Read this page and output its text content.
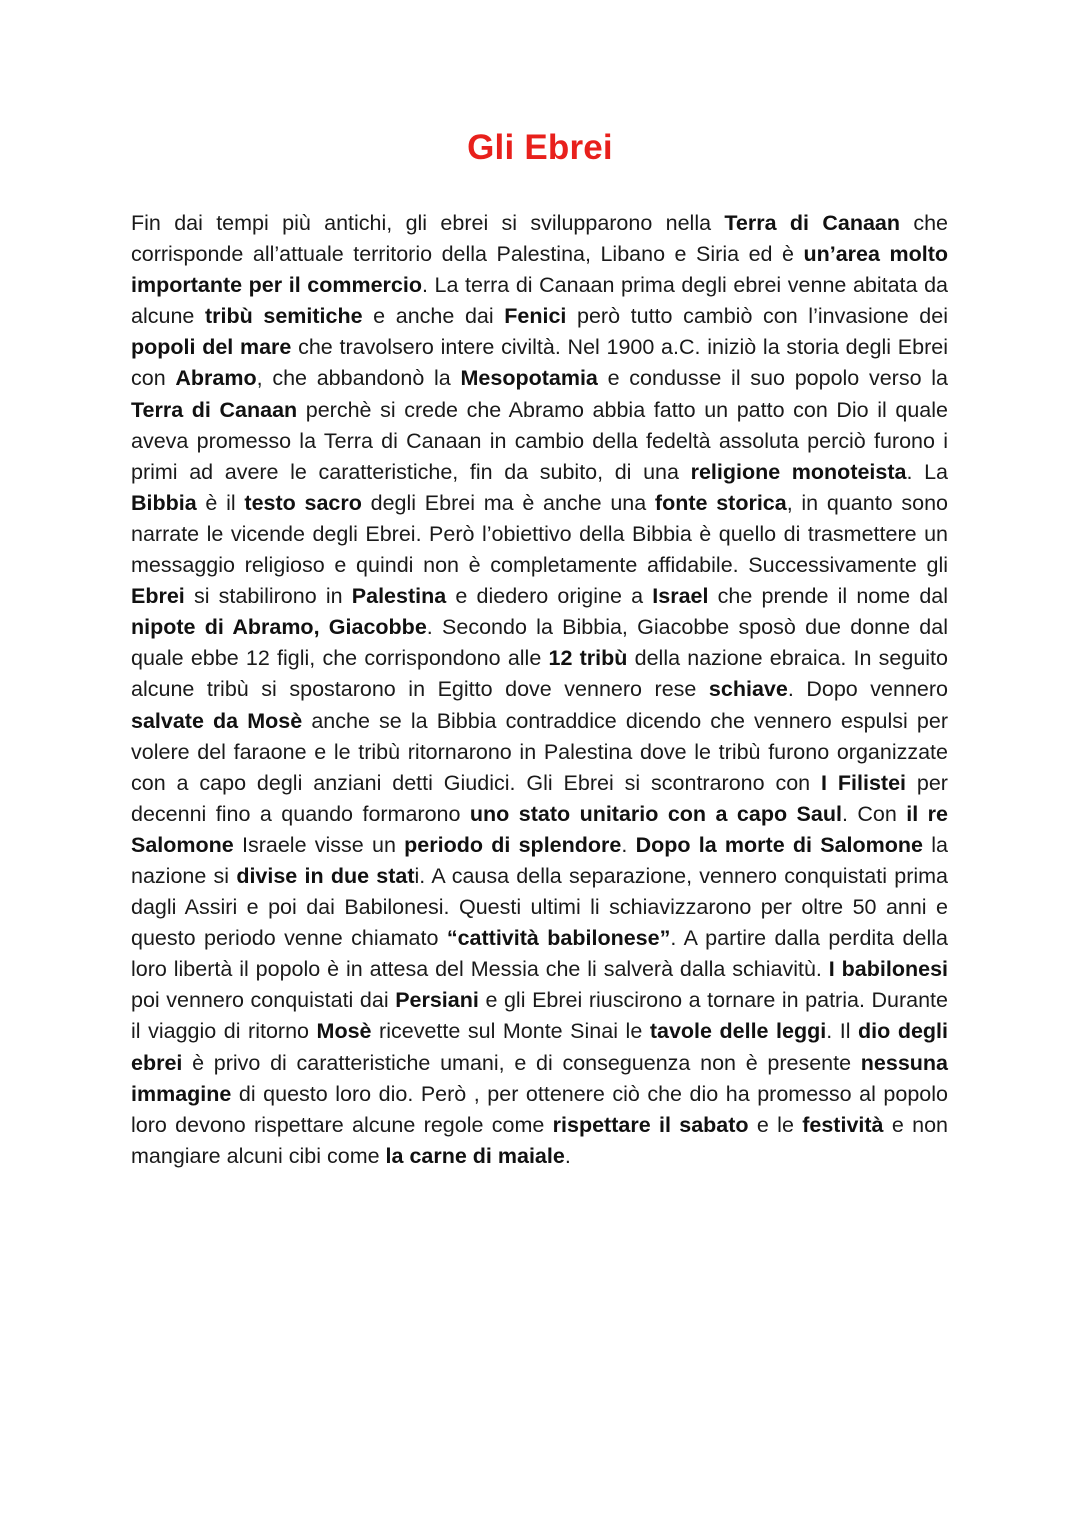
Gli Ebrei

Fin dai tempi più antichi, gli ebrei si svilupparono nella Terra di Canaan che corrisponde all’attuale territorio della Palestina, Libano e Siria ed è un’area molto importante per il commercio. La terra di Canaan prima degli ebrei venne abitata da alcune tribù semitiche e anche dai Fenici però tutto cambiò con l’invasione dei popoli del mare che travolsero intere civiltà. Nel 1900 a.C. iniziò la storia degli Ebrei con Abramo, che abbandonò la Mesopotamia e condusse il suo popolo verso la Terra di Canaan perchè si crede che Abramo abbia fatto un patto con Dio il quale aveva promesso la Terra di Canaan in cambio della fedeltà assoluta perciò furono i primi ad avere le caratteristiche, fin da subito, di una religione monoteista. La Bibbia è il testo sacro degli Ebrei ma è anche una fonte storica, in quanto sono narrate le vicende degli Ebrei. Però l’obiettivo della Bibbia è quello di trasmettere un messaggio religioso e quindi non è completamente affidabile. Successivamente gli Ebrei si stabilirono in Palestina e diedero origine a Israel che prende il nome dal nipote di Abramo, Giacobbe. Secondo la Bibbia, Giacobbe sposò due donne dal quale ebbe 12 figli, che corrispondono alle 12 tribù della nazione ebraica. In seguito alcune tribù si spostarono in Egitto dove vennero rese schiave. Dopo vennero salvate da Mosè anche se la Bibbia contraddice dicendo che vennero espulsi per volere del faraone e le tribù ritornarono in Palestina dove le tribù furono organizzate con a capo degli anziani detti Giudici. Gli Ebrei si scontrarono con I Filistei per decenni fino a quando formarono uno stato unitario con a capo Saul. Con il re Salomone Israele visse un periodo di splendore. Dopo la morte di Salomone la nazione si divise in due stati. A causa della separazione, vennero conquistati prima dagli Assiri e poi dai Babilonesi. Questi ultimi li schiavizzarono per oltre 50 anni e questo periodo venne chiamato “cattività babilonese”. A partire dalla perdita della loro libertà il popolo è in attesa del Messia che li salverà dalla schiavitù. I babilonesi poi vennero conquistati dai Persiani e gli Ebrei riuscirono a tornare in patria. Durante il viaggio di ritorno Mosè ricevette sul Monte Sinai le tavole delle leggi. Il dio degli ebrei è privo di caratteristiche umani, e di conseguenza non è presente nessuna immagine di questo loro dio. Però , per ottenere ciò che dio ha promesso al popolo loro devono rispettare alcune regole come rispettare il sabato e le festività e non mangiare alcuni cibi come la carne di maiale.
